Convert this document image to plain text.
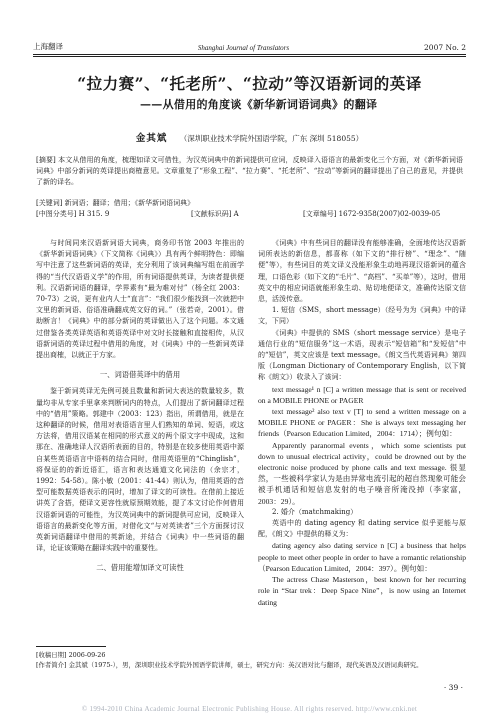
上海翻译	Shanghai Journal of Translators	2007 No. 2
“拉力赛”、“托老所”、“拉动”等汉语新词的英译
——从借用的角度谈《新华新词语词典》的翻译
金其斌 （深圳职业技术学院外国语学院，广东 深圳 518055）
[摘要] 本文从借用的角度，梳理如译文可借性，为汉英词典中的新词提供可应词，反映译入语语言的最新变化三个方面，对《新华新词语词典》中部分新词的英译提出商榷意见。文章重复了“形象工程”、“拉力赛”、“托老所”、“拉动”等新词的翻译提出了自己的意见，并提供了新的译名。
[关键词] 新词语；翻译；借用；《新华新词语词典》
[中图分类号] H 315. 9	[文献标识码] A	[文章编号] 1672-9358(2007)02-0039-05

与时间同来汉语新词语大词典，商务印书馆 2003 年推出的《新华新词语词典》（下文简称《词典》）具有两个鲜明特色：即编写中注意了这些新词语的英译，充分利用了该词典编写组在前面学得的“当代汉语语义学”的作用，所有词语提供英译，为读者提供便利。汉语新词语的翻译，学界素有“最为难对付”（杨全红 2003：70-73）之说，更有业内人士“直言”：“我们很少能找到一次就把中文里的新词语、俗语准确翻成英文好的词。”（张若奇，2001）。借助断言！《词典》中的部分新词的英译做出入了这个问题。本文通过借鉴各类英译英语和英语英译中对文时长接触和直接相传，从汉语新词语的英译过程中借用的角度，对《词典》中的一些新词英译提出商榷，以就正于方家。

一、词语借英译中的借用

鉴于新词英译无先例可援且数量和新词大表达的数量较多，数量均非从专家手里拿来判断词内的特点，人们提出了新词翻译过程中的“借用”策略。郭建中（2003：123）指出，所谓借用，就是在这种翻译的时候，借用对表语语言里人们熟知的单词、短语，或这方法将，借用汉语某在相同的形式意义的两个原文字中现成，这和那在、准确地译人汉语所表面的目的，特别是在较多使用英语中源自某些英语语言中语料的结合同时，借用英语里的“Chinglish”，将保证的的新近语汇，语言和表达通道文化词法的（余宗才，1992：54-58）。陈小敏（2001：41-44）则认为，借用英语的音型可能数据英语表示的同时，增加了译文的可读性。在借前上接近讲英了含搭，便译文更容性就原预期效能，提了本文讨论作何借用汉语新词语的可能性，为汉英词典中的新词提供可应词，反映译入语语言的最新变化等方面，对借化文“与对英读者”三个方面探讨汉英新词语翻译中借用的英新途，并结合《词典》中一些词语的翻译，论证该策略在翻译实践中的重要性。

二、借用能增加译文可读性

《词典》中有些词目的翻译没有能够准确，全面地传达汉语新词所表达的新信息，都喜称（如下文的“排行榜”、“理念”、“随便”等），有些词目的英文译义没能形象生动地再现汉语新词的蕴含理，口语色彩（如下文的“毛片”、“高档”、“买单”等），这时，借用英文中的相应词语就能形象生动、贴切地便译文，准确传达原文信息，活泼传意。

1. 短信（SMS，short message）（经号为为《词典》中的译文，下同）

《词典》中提供的 SMS（short message service）是电子通信行业的“短信服务”这一术语，现表示“短信箱”和“发短信”中的“短信”，英文应该是 text message。《朗文当代英语词典》第四版（Longman Dictionary of Contemporary English，以下简称《朗文》）收录入了该词：

text message¹ n [C] a written message that is sent or received on a MOBILE PHONE or PAGER

text message² also text v [T] to send a written message on a MOBILE PHONE or PAGER：She is always text messaging her friends（Pearson Education Limited，2004：1714）；例句如：

Apparently paranormal events，which some scientists put down to unusual electrical activity，could be drowned out by the electronic noise produced by phone calls and text message. 很显然，一些被科学家认为是由异常电流引起的超自然现象可能会被手机通话和短信息发射的电子噪音所淹没掉（李家富，2003：29）。

2. 婚介（matchmaking）

英语中的 dating agency 和 dating service 似乎更能与原配，《朗文》中提供的释义为：

dating agency also dating service n [C] a business that helps people to meet other people in order to have a romantic relationship（Pearson Education Limited，2004：397）。例句如：

The actress Chase Masterson，best known for her recurring role in “Star trek：Deep Space Nine”，is now using an Internet dating

[收稿日期] 2006-09-26
[作者简介] 金其斌（1975-），男，深圳职业技术学院外国语学院讲师，硕士，研究方向：英汉语对比与翻译，现代英语及汉语词典研究。
· 39 ·
© 1994-2010 China Academic Journal Electronic Publishing House. All rights reserved. http://www.cnki.net
